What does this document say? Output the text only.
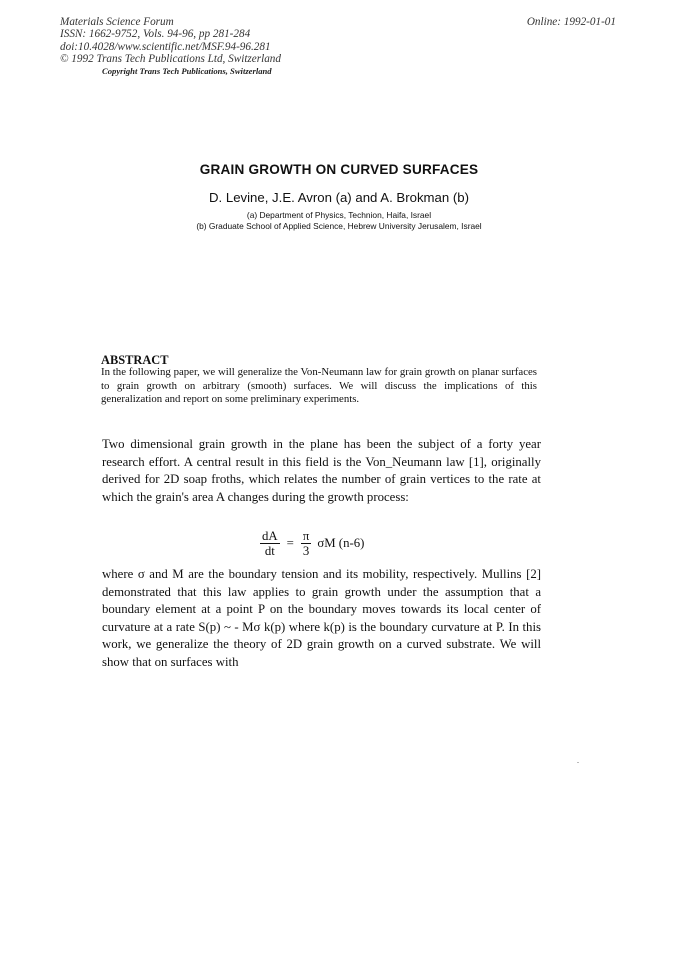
Materials Science Forum
ISSN: 1662-9752, Vols. 94-96, pp 281-284
doi:10.4028/www.scientific.net/MSF.94-96.281
© 1992 Trans Tech Publications Ltd, Switzerland
Online: 1992-01-01
Copyright Trans Tech Publications, Switzerland
GRAIN GROWTH ON CURVED SURFACES
D. Levine, J.E. Avron (a) and A. Brokman (b)
(a) Department of Physics, Technion, Haifa, Israel
(b) Graduate School of Applied Science, Hebrew University Jerusalem, Israel
ABSTRACT
In the following paper, we will generalize the Von-Neumann law for grain growth on planar surfaces to grain growth on arbitrary (smooth) surfaces. We will discuss the implications of this generalization and report on some preliminary experiments.
Two dimensional grain growth in the plane has been the subject of a forty year research effort. A central result in this field is the Von_Neumann law [1], originally derived for 2D soap froths, which relates the number of grain vertices to the rate at which the grain's area A changes during the growth process:
$\frac{dA}{dt} = \frac{\pi}{3}$ σM (n-6)
where σ and M are the boundary tension and its mobility, respectively. Mullins [2] demonstrated that this law applies to grain growth under the assumption that a boundary element at a point P on the boundary moves towards its local center of curvature at a rate S(p) ~ - Mσ k(p) where k(p) is the boundary curvature at P. In this work, we generalize the theory of 2D grain growth on a curved substrate. We will show that on surfaces with
